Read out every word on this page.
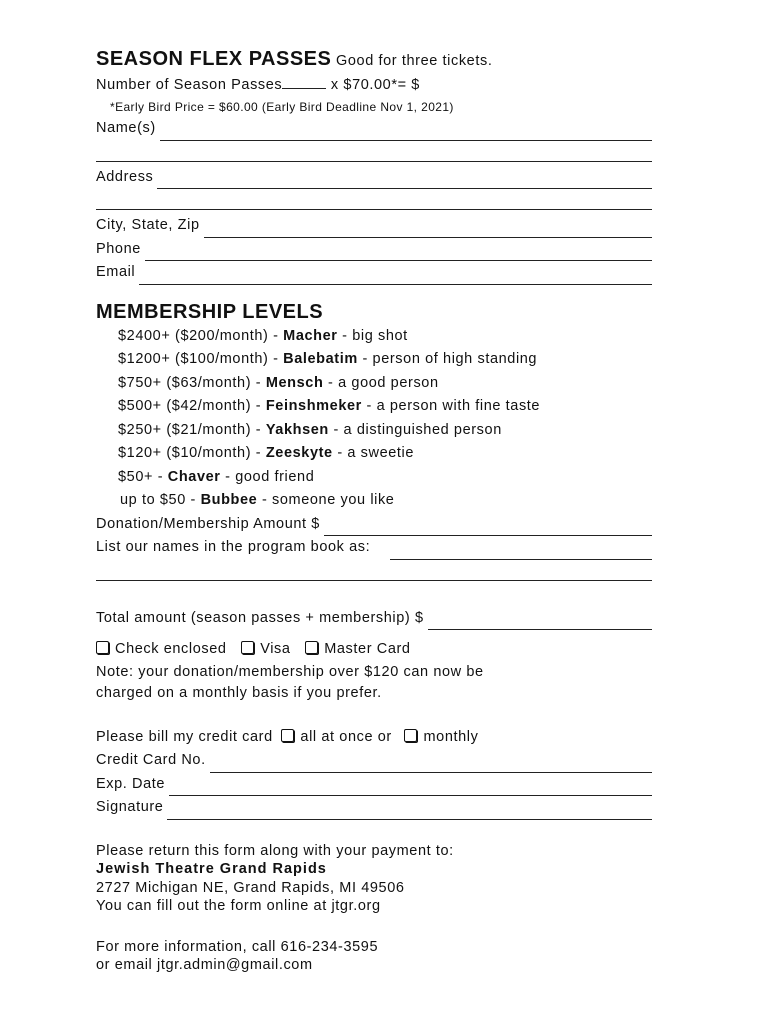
SEASON FLEX PASSES Good for three tickets.
Number of Season Passes	x $70.00*= $
*Early Bird Price = $60.00 (Early Bird Deadline Nov 1, 2021)
Name(s)
Address
City, State, Zip
Phone
Email
MEMBERSHIP LEVELS
$2400+ ($200/month) - Macher - big shot
$1200+ ($100/month) - Balebatim - person of high standing
$750+ ($63/month) - Mensch - a good person
$500+ ($42/month) - Feinshmeker - a person with fine taste
$250+ ($21/month) - Yakhsen - a distinguished person
$120+ ($10/month) - Zeeskyte - a sweetie
$50+ - Chaver - good friend
up to $50 - Bubbee - someone you like
Donation/Membership Amount $
List our names in the program book as:
Total amount (season passes + membership) $
Check enclosed Visa Master Card
Note: your donation/membership over $120 can now be
charged on a monthly basis if you prefer.
Please bill my credit card all at once or monthly
Credit Card No.
Exp. Date
Signature
Please return this form along with your payment to:
Jewish Theatre Grand Rapids
2727 Michigan NE, Grand Rapids, MI 49506
You can fill out the form online at jtgr.org
For more information, call 616-234-3595
or email jtgr.admin@gmail.com
